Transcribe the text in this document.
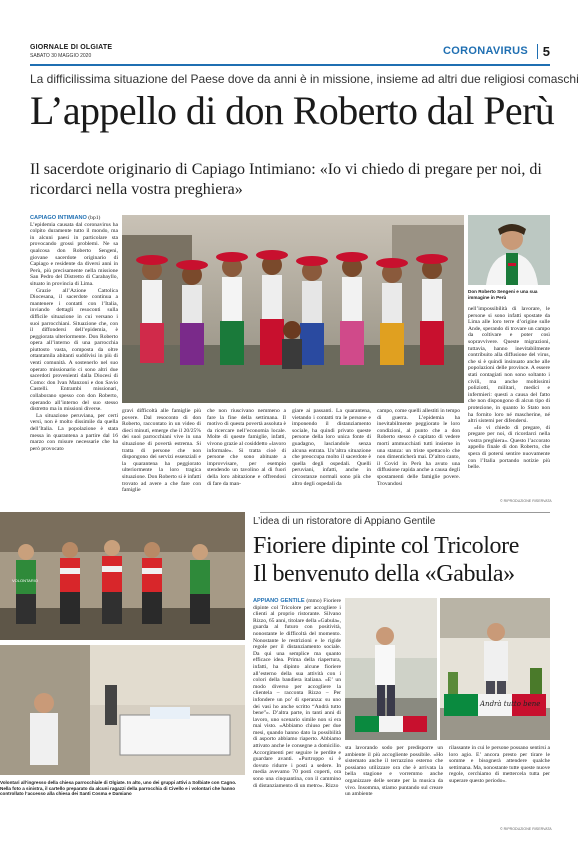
GIORNALE DI OLGIATE
SABATO 30 MAGGIO 2020	CORONAVIRUS	5
La difficilissima situazione del Paese dove da anni è in missione, insieme ad altri due religiosi comaschi
L’appello di don Roberto dal Perù
Il sacerdote originario di Capiago Intimiano: «Io vi chiedo di pregare per noi, di ricordarci nella vostra preghiera»

CAPIAGO INTIMIANO (bp1)

L’epidemia causata dal coronavirus ha colpito duramente tutto il mondo, ma in alcuni paesi in particolare sta provocando grossi problemi. Ne sa qualcosa don Roberto Sengeni, giovane sacerdote originario di Capiago e residente da diversi anni in Perù, più precisamente nella missione San Pedro del Distretto di Carabayllo, situato in provincia di Lima.

Grazie all’Azione Cattolica Diocesana, il sacerdote continua a mantenere i contatti con l’Italia, inviando dettagli resoconti sulla difficile situazione in cui versano i suoi parrocchiani. Situazione che, con il diffondersi dell’epidemia, è peggiorata ulteriormente. Don Roberto opera all’interno di una parrocchia piuttosto vasta, composta da oltre ottantamila abitanti suddivisi in più di venti comunità. A sostenerlo nel suo operato missionario ci sono altri due sacerdoti provenienti dalla Diocesi di Como: don Ivan Manzoni e don Savio Castelli. Entrambi missionari, collaborano spesso con don Roberto, operando all’interno del suo stesso distretto ma in missioni diverse.

La situazione peruviana, per certi versi, non è molto dissimile da quella dell’Italia. La popolazione è stata messa in quarantena a partire dal 16 marzo con misure necessarie che ha però provocato

Don Roberto Sengeni e una sua immagine in Perù

gravi difficoltà alle famiglie più povere. Dal resoconto di don Roberto, raccontato in un video di dieci minuti, emerge che il 20/25% dei suoi parrocchiani vive in una situazione di povertà estrema. Si tratta di persone che non dispongono dei servizi essenziali e la quarantena ha peggiorato ulteriormente la loro tragica situazione. Don Roberto si è infatti trovato ad avere a che fare con famiglie

che non riuscivano nemmeno a fare la fine della settimana. Il motivo di questa povertà assoluta è da ricercare nell’economia locale. Molte di queste famiglie, infatti, vivono grazie al cosiddetto «lavoro informale». Si tratta cioè di persone che sono abituate a improvvisare, per esempio stendendo un tavolino al di fuori della loro abitazione e offrendosi di fare da man-

giare ai passanti. La quarantena, vietando i contatti tra le persone e imponendo il distanziamento sociale, ha quindi privato queste persone della loro unica fonte di guadagno, lasciandole senza alcuna entrata. Un’altra situazione che preoccupa molto il sacerdote è quella degli ospedali. Quelli peruviani, infatti, anche in circostanze normali sono più che altro degli ospedali da

campo, come quelli allestiti in tempo di guerra. L’epidemia ha inevitabilmente peggiorato le loro condizioni, al punto che a don Roberto stesso è capitato di vedere morti ammucchiati tutti insieme in una stanza: un triste spettacolo che non dimenticherà mai. D’altro canto, il Covid in Perù ha avuto una diffusione rapida anche a causa degli spostamenti delle famiglie povere. Trovandosi

nell’impossibilità di lavorare, le persone si sono infatti spostate da Lima alle loro terre d’origine sulle Ande, sperando di trovare un campo da coltivare e poter così sopravvivere. Queste migrazioni, tuttavia, hanno inevitabilmente contribuito alla diffusione del virus, che si è quindi insinuato anche alle popolazioni delle province. A essere stati contagiati non sono soltanto i civili, ma anche moltissimi poliziotti, militari, medici e infermieri: questi a causa del fatto che non dispongono di alcun tipo di protezione, in quanto lo Stato non ha fornito loro né mascherine, né altri sistemi per difendersi.

«Io vi chiedo di pregare, di pregare per noi, di ricordarci nella vostra preghiera». Questo l’accorato appello finale di don Roberto, che spera di potersi sentire nuovamente con l’Italia portando notizie più belle.

© RIPRODUZIONE RISERVATA
VOLONTARIO
Volontari all’ingresso della chiesa parrocchiale di Olgiate. In alto, uno dei gruppi attivi a Solbiate con Cagno. Nella foto a sinistra, il cartello preparato da alcuni ragazzi della parrocchia di Civello e i volontari che hanno controllato l’accesso alla chiesa dei Santi Cosma e Damiano
L’idea di un ristoratore di Appiano Gentile
Fioriere dipinte col Tricolore
Il benvenuto della «Gabula»

APPIANO GENTILE (mmo) Fioriere dipinte col Tricolore per accogliere i clienti al proprio ristorante. Silvano Rizzo, 65 anni, titolare della «Gabula», guarda al futuro con positività, nonostante le difficoltà del momento. Nonostante le restrizioni e le rigide regole per il distanziamento sociale. Da qui una semplice ma quanto efficace idea. Prima della riapertura, infatti, ha dipinto alcune fioriere all’esterno della sua attività con i colori della bandiera italiana. «E’ un modo diverso per accogliere la clientela – racconta Rizzo – Per infondere un po’ di speranza: su uno dei vasi ho anche scritto “Andrà tutto bene”». D’altra parte, in tanti anni di lavoro, uno scenario simile non si era mai visto. «Abbiamo chiuso per due mesi, quando hanno dato la possibilità di asporto abbiamo riaperto. Abbiamo attivato anche le consegne a domicilio. Accorgimenti per seguire le perdite e guardare avanti. «Purtroppo si è dovuto ridurre i posti a sedere. In media avevamo 70 posti coperti, ora sono una cinquantina, con il cammino di distanziamento di un metro». Rizzo

Andrà tutto bene

sta lavorando sodo per predisporre un ambiente il più accogliente possibile. «Ho sistemato anche il terrazzino esterno che possiamo utilizzare ora che è arrivata la bella stagione e vorremmo anche organizzare delle serate per la musica da vivo. Insomma, stiamo puntando sul creare un ambiente

rilassante in cui le persone possano sentirsi a loro agio. E’ ancora presto per tirare le somme e bisognerà attendere qualche settimana. Ma, nonostante tutte queste nuove regole, cerchiamo di mettercela tutta per superare questo periodo».

© RIPRODUZIONE RISERVATA
